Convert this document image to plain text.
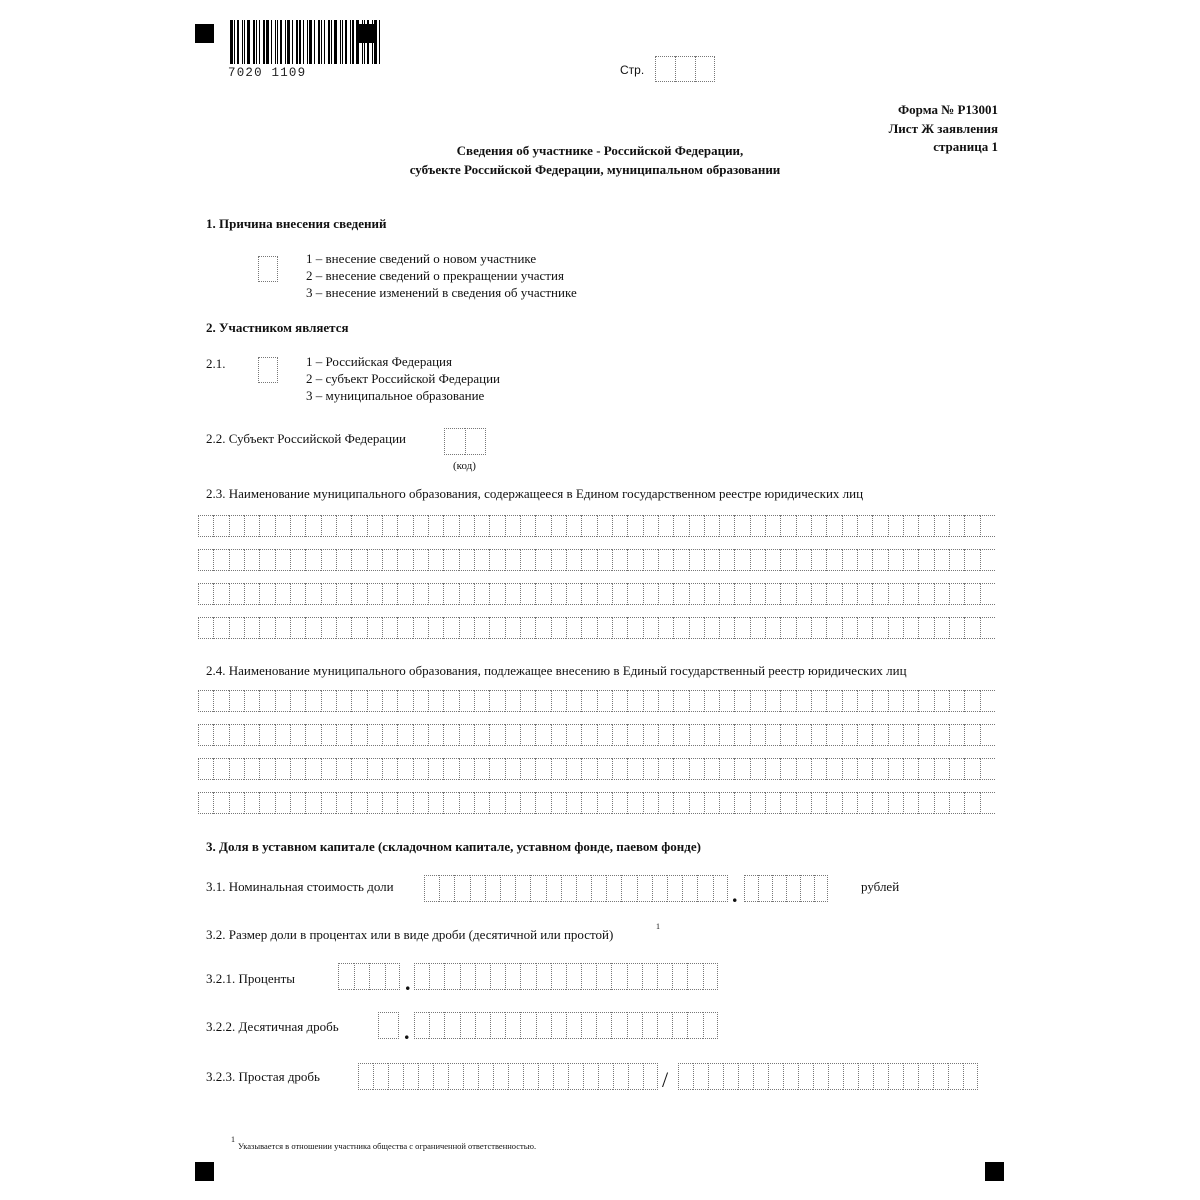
7020 1109	Стр.
Форма № Р13001
Лист Ж заявления
страница 1
Сведения об участнике - Российской Федерации,
субъекте Российской Федерации, муниципальном образовании
1. Причина внесения сведений
1 – внесение сведений о новом участнике
2 – внесение сведений о прекращении участия
3 – внесение изменений в сведения об участнике
2. Участником является
2.1.	1 – Российская Федерация
2 – субъект Российской Федерации
3 – муниципальное образование
2.2. Субъект Российской Федерации
(код)
2.3. Наименование муниципального образования, содержащееся в Едином государственном реестре юридических лиц
2.4. Наименование муниципального образования, подлежащее внесению в Единый государственный реестр юридических лиц
3. Доля в уставном капитале (складочном капитале, уставном фонде, паевом фонде)
3.1. Номинальная стоимость доли	.	рублей
3.2. Размер доли в процентах или в виде дроби (десятичной или простой)
1
3.2.1. Проценты	.
3.2.2. Десятичная дробь	.
3.2.3. Простая дробь	/
1
Указывается в отношении участника общества с ограниченной ответственностью.
